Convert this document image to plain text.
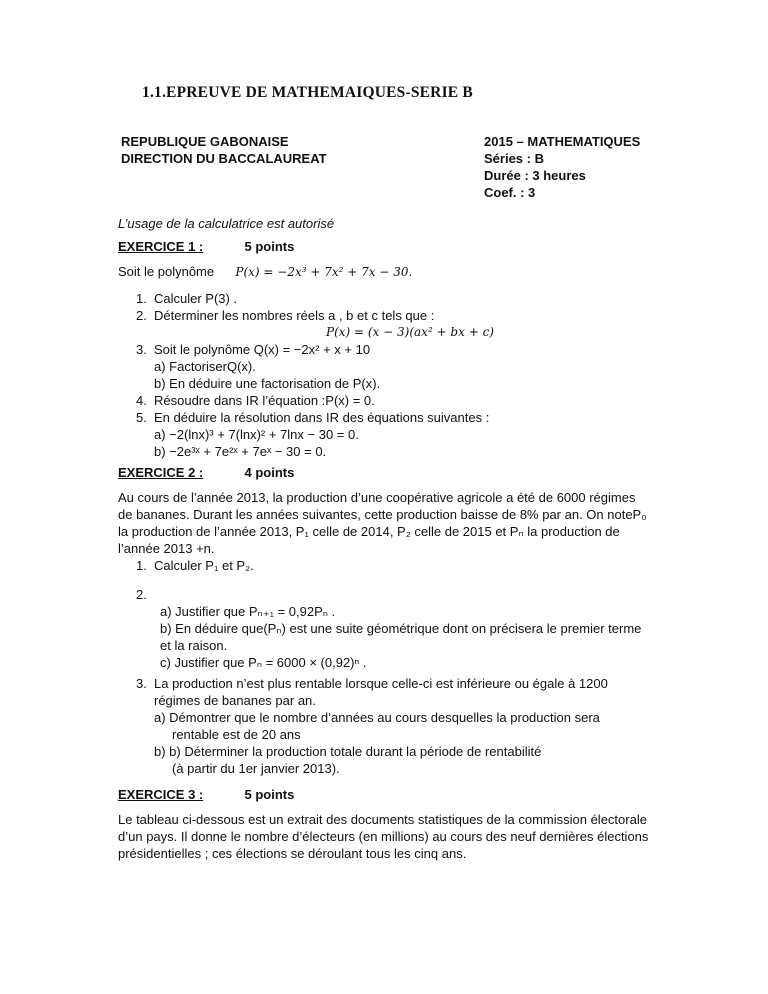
1.1.EPREUVE DE MATHEMAIQUES-SERIE B
REPUBLIQUE GABONAISE
DIRECTION DU BACCALAUREAT
2015 – MATHEMATIQUES
Séries : B
Durée : 3 heures
Coef. : 3
L’usage de la calculatrice est autorisé
EXERCICE 1 :	5 points
Soit le polynôme P(x) = −2x³ + 7x² + 7x − 30.
1. Calculer P(3) .
2. Déterminer les nombres réels a , b et c tels que :
P(x) = (x − 3)(ax² + bx + c)
3. Soit le polynôme Q(x) = −2x² + x + 10
a) FactoriserQ(x).
b) En déduire une factorisation de P(x).
4. Résoudre dans IR l’équation :P(x) = 0.
5. En déduire la résolution dans IR des équations suivantes :
a) −2(lnx)³ + 7(lnx)² + 7lnx − 30 = 0.
b) −2e³ˣ + 7e²ˣ + 7eˣ − 30 = 0.
EXERCICE 2 :	4 points
Au cours de l’année 2013, la production d’une coopérative agricole a été de 6000 régimes
de bananes. Durant les années suivantes, cette production baisse de 8% par an. On noteP₀
la production de l’année 2013, P₁ celle de 2014, P₂ celle de 2015 et Pₙ la production de
l’année 2013 +n.
1. Calculer P₁ et P₂.
2.
a) Justifier que Pₙ₊₁ = 0,92Pₙ .
b) En déduire que(Pₙ) est une suite géométrique dont on précisera le premier terme
et la raison.
c) Justifier que Pₙ = 6000 × (0,92)ⁿ .
3. La production n’est plus rentable lorsque celle-ci est inférieure ou égale à 1200
régimes de bananes par an.
a) Démontrer que le nombre d’années au cours desquelles la production sera
rentable est de 20 ans
b) b) Déterminer la production totale durant la période de rentabilité
(à partir du 1er janvier 2013).
EXERCICE 3 :	5 points
Le tableau ci-dessous est un extrait des documents statistiques de la commission électorale
d’un pays. Il donne le nombre d’électeurs (en millions) au cours des neuf dernières élections
présidentielles ; ces élections se déroulant tous les cinq ans.
